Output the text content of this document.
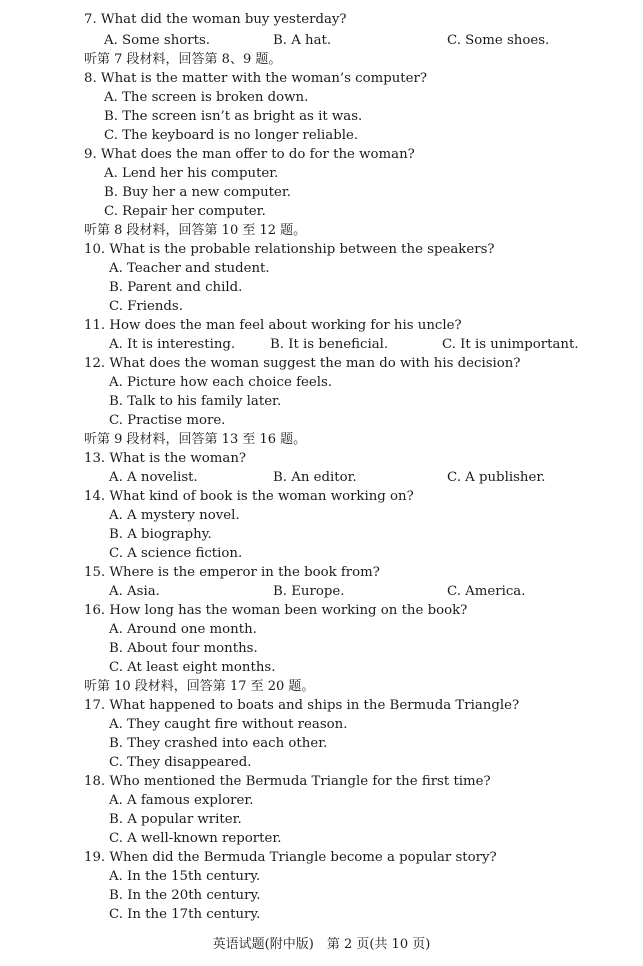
7. What did the woman buy yesterday?
A. Some shorts.	B. A hat.	C. Some shoes.
听第 7 段材料，回答第 8、9 题。
8. What is the matter with the woman’s computer?
A. The screen is broken down.
B. The screen isn’t as bright as it was.
C. The keyboard is no longer reliable.
9. What does the man offer to do for the woman?
A. Lend her his computer.
B. Buy her a new computer.
C. Repair her computer.
听第 8 段材料，回答第 10 至 12 题。
10. What is the probable relationship between the speakers?
A. Teacher and student.
B. Parent and child.
C. Friends.
11. How does the man feel about working for his uncle?
A. It is interesting.	B. It is beneficial.	C. It is unimportant.
12. What does the woman suggest the man do with his decision?
A. Picture how each choice feels.
B. Talk to his family later.
C. Practise more.
听第 9 段材料，回答第 13 至 16 题。
13. What is the woman?
A. A novelist.	B. An editor.	C. A publisher.
14. What kind of book is the woman working on?
A. A mystery novel.
B. A biography.
C. A science fiction.
15. Where is the emperor in the book from?
A. Asia.	B. Europe.	C. America.
16. How long has the woman been working on the book?
A. Around one month.
B. About four months.
C. At least eight months.
听第 10 段材料，回答第 17 至 20 题。
17. What happened to boats and ships in the Bermuda Triangle?
A. They caught fire without reason.
B. They crashed into each other.
C. They disappeared.
18. Who mentioned the Bermuda Triangle for the first time?
A. A famous explorer.
B. A popular writer.
C. A well-known reporter.
19. When did the Bermuda Triangle become a popular story?
A. In the 15th century.
B. In the 20th century.
C. In the 17th century.
英语试题(附中版)　第 2 页(共 10 页)
